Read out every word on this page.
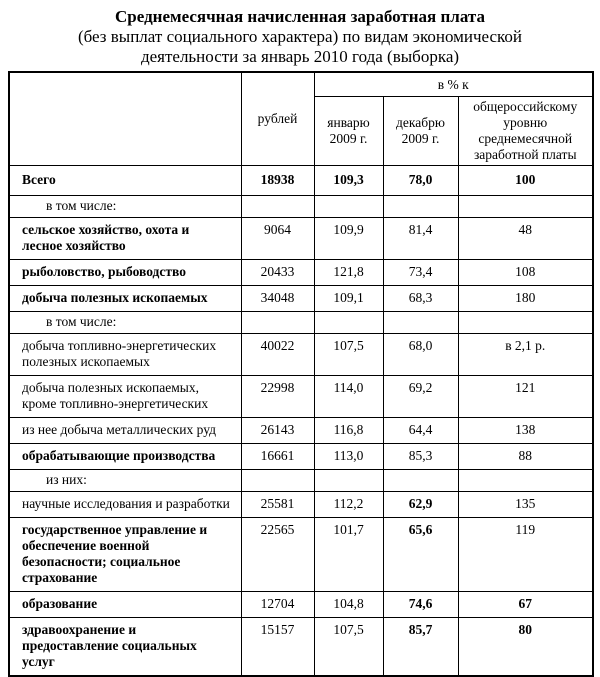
Среднемесячная начисленная заработная плата
(без выплат социального характера) по видам экономической
деятельности за январь 2010 года (выборка)
	рублей	в % к		
		январю 2009 г.	декабрю 2009 г.	общероссийскому уровню среднемесячной заработной платы
Всего	18938	109,3	78,0	100
в том числе:				
сельское хозяйство, охота и лесное хозяйство	9064	109,9	81,4	48
рыболовство, рыбоводство	20433	121,8	73,4	108
добыча полезных ископаемых	34048	109,1	68,3	180
в том числе:				
добыча топливно-энергетических полезных ископаемых	40022	107,5	68,0	в 2,1 р.
добыча полезных ископаемых, кроме топливно-энергетических	22998	114,0	69,2	121
из нее добыча металлических руд	26143	116,8	64,4	138
обрабатывающие производства	16661	113,0	85,3	88
из них:				
научные исследования и разработки	25581	112,2	62,9	135
государственное управление и обеспечение военной безопасности; социальное страхование	22565	101,7	65,6	119
образование	12704	104,8	74,6	67
здравоохранение и предоставление социальных услуг	15157	107,5	85,7	80
